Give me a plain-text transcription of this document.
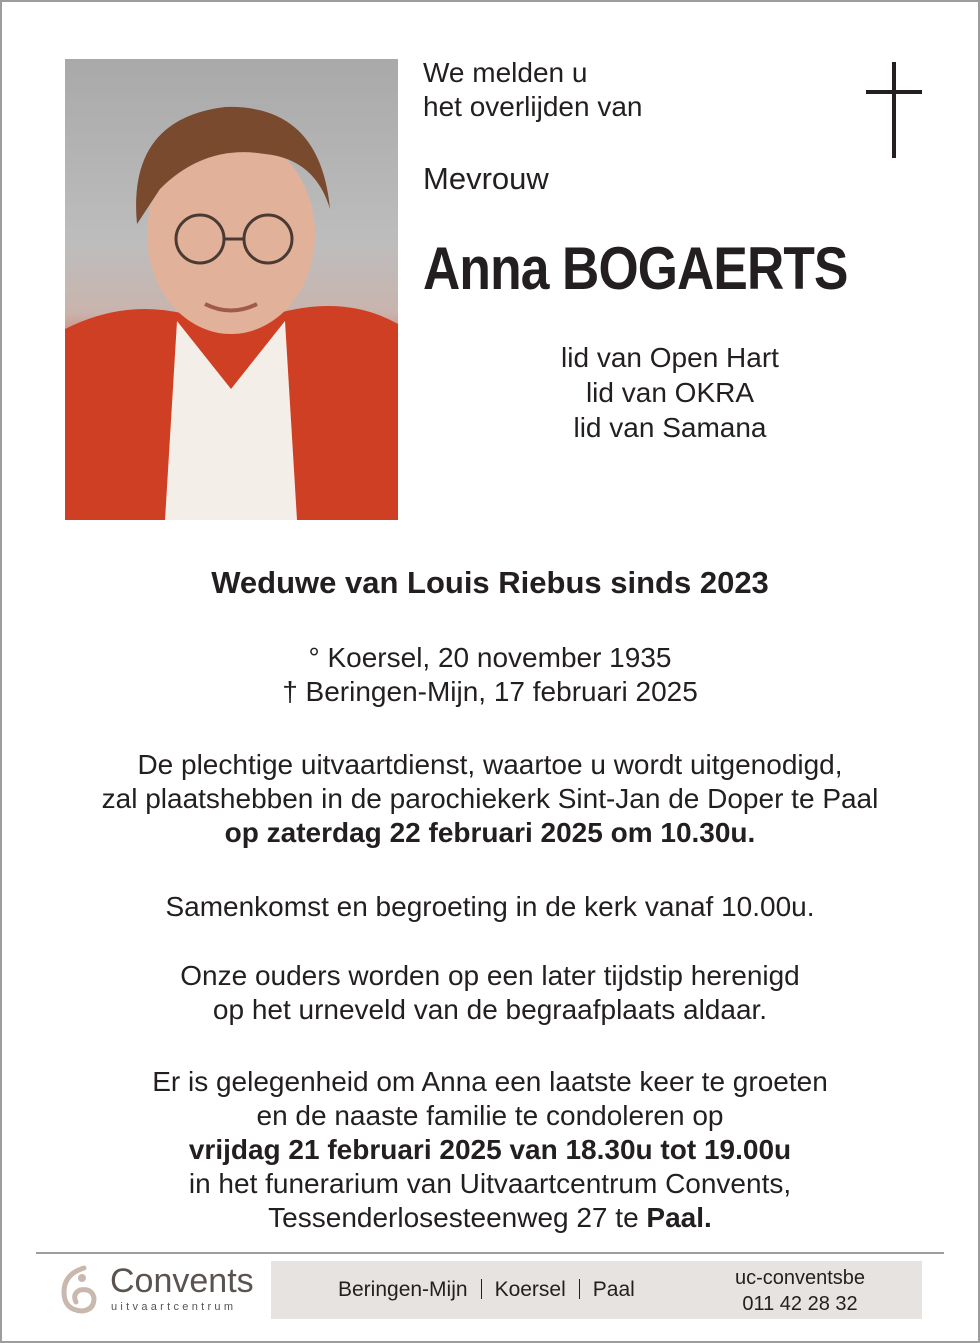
We melden u
het overlijden van
Mevrouw
Anna BOGAERTS
lid van Open Hart
lid van OKRA
lid van Samana
Weduwe van Louis Riebus sinds 2023
° Koersel, 20 november 1935
† Beringen-Mijn, 17 februari 2025
De plechtige uitvaartdienst, waartoe u wordt uitgenodigd,
zal plaatshebben in de parochiekerk Sint-Jan de Doper te Paal
op zaterdag 22 februari 2025 om 10.30u.
Samenkomst en begroeting in de kerk vanaf 10.00u.
Onze ouders worden op een later tijdstip herenigd
op het urneveld van de begraafplaats aldaar.
Er is gelegenheid om Anna een laatste keer te groeten
en de naaste familie te condoleren op
vrijdag 21 februari 2025 van 18.30u tot 19.00u
in het funerarium van Uitvaartcentrum Convents,
Tessenderlosesteenweg 27 te Paal.
Convents
uitvaartcentrum
Beringen-Mijn Koersel Paal	uc-conventsbe
011 42 28 32
